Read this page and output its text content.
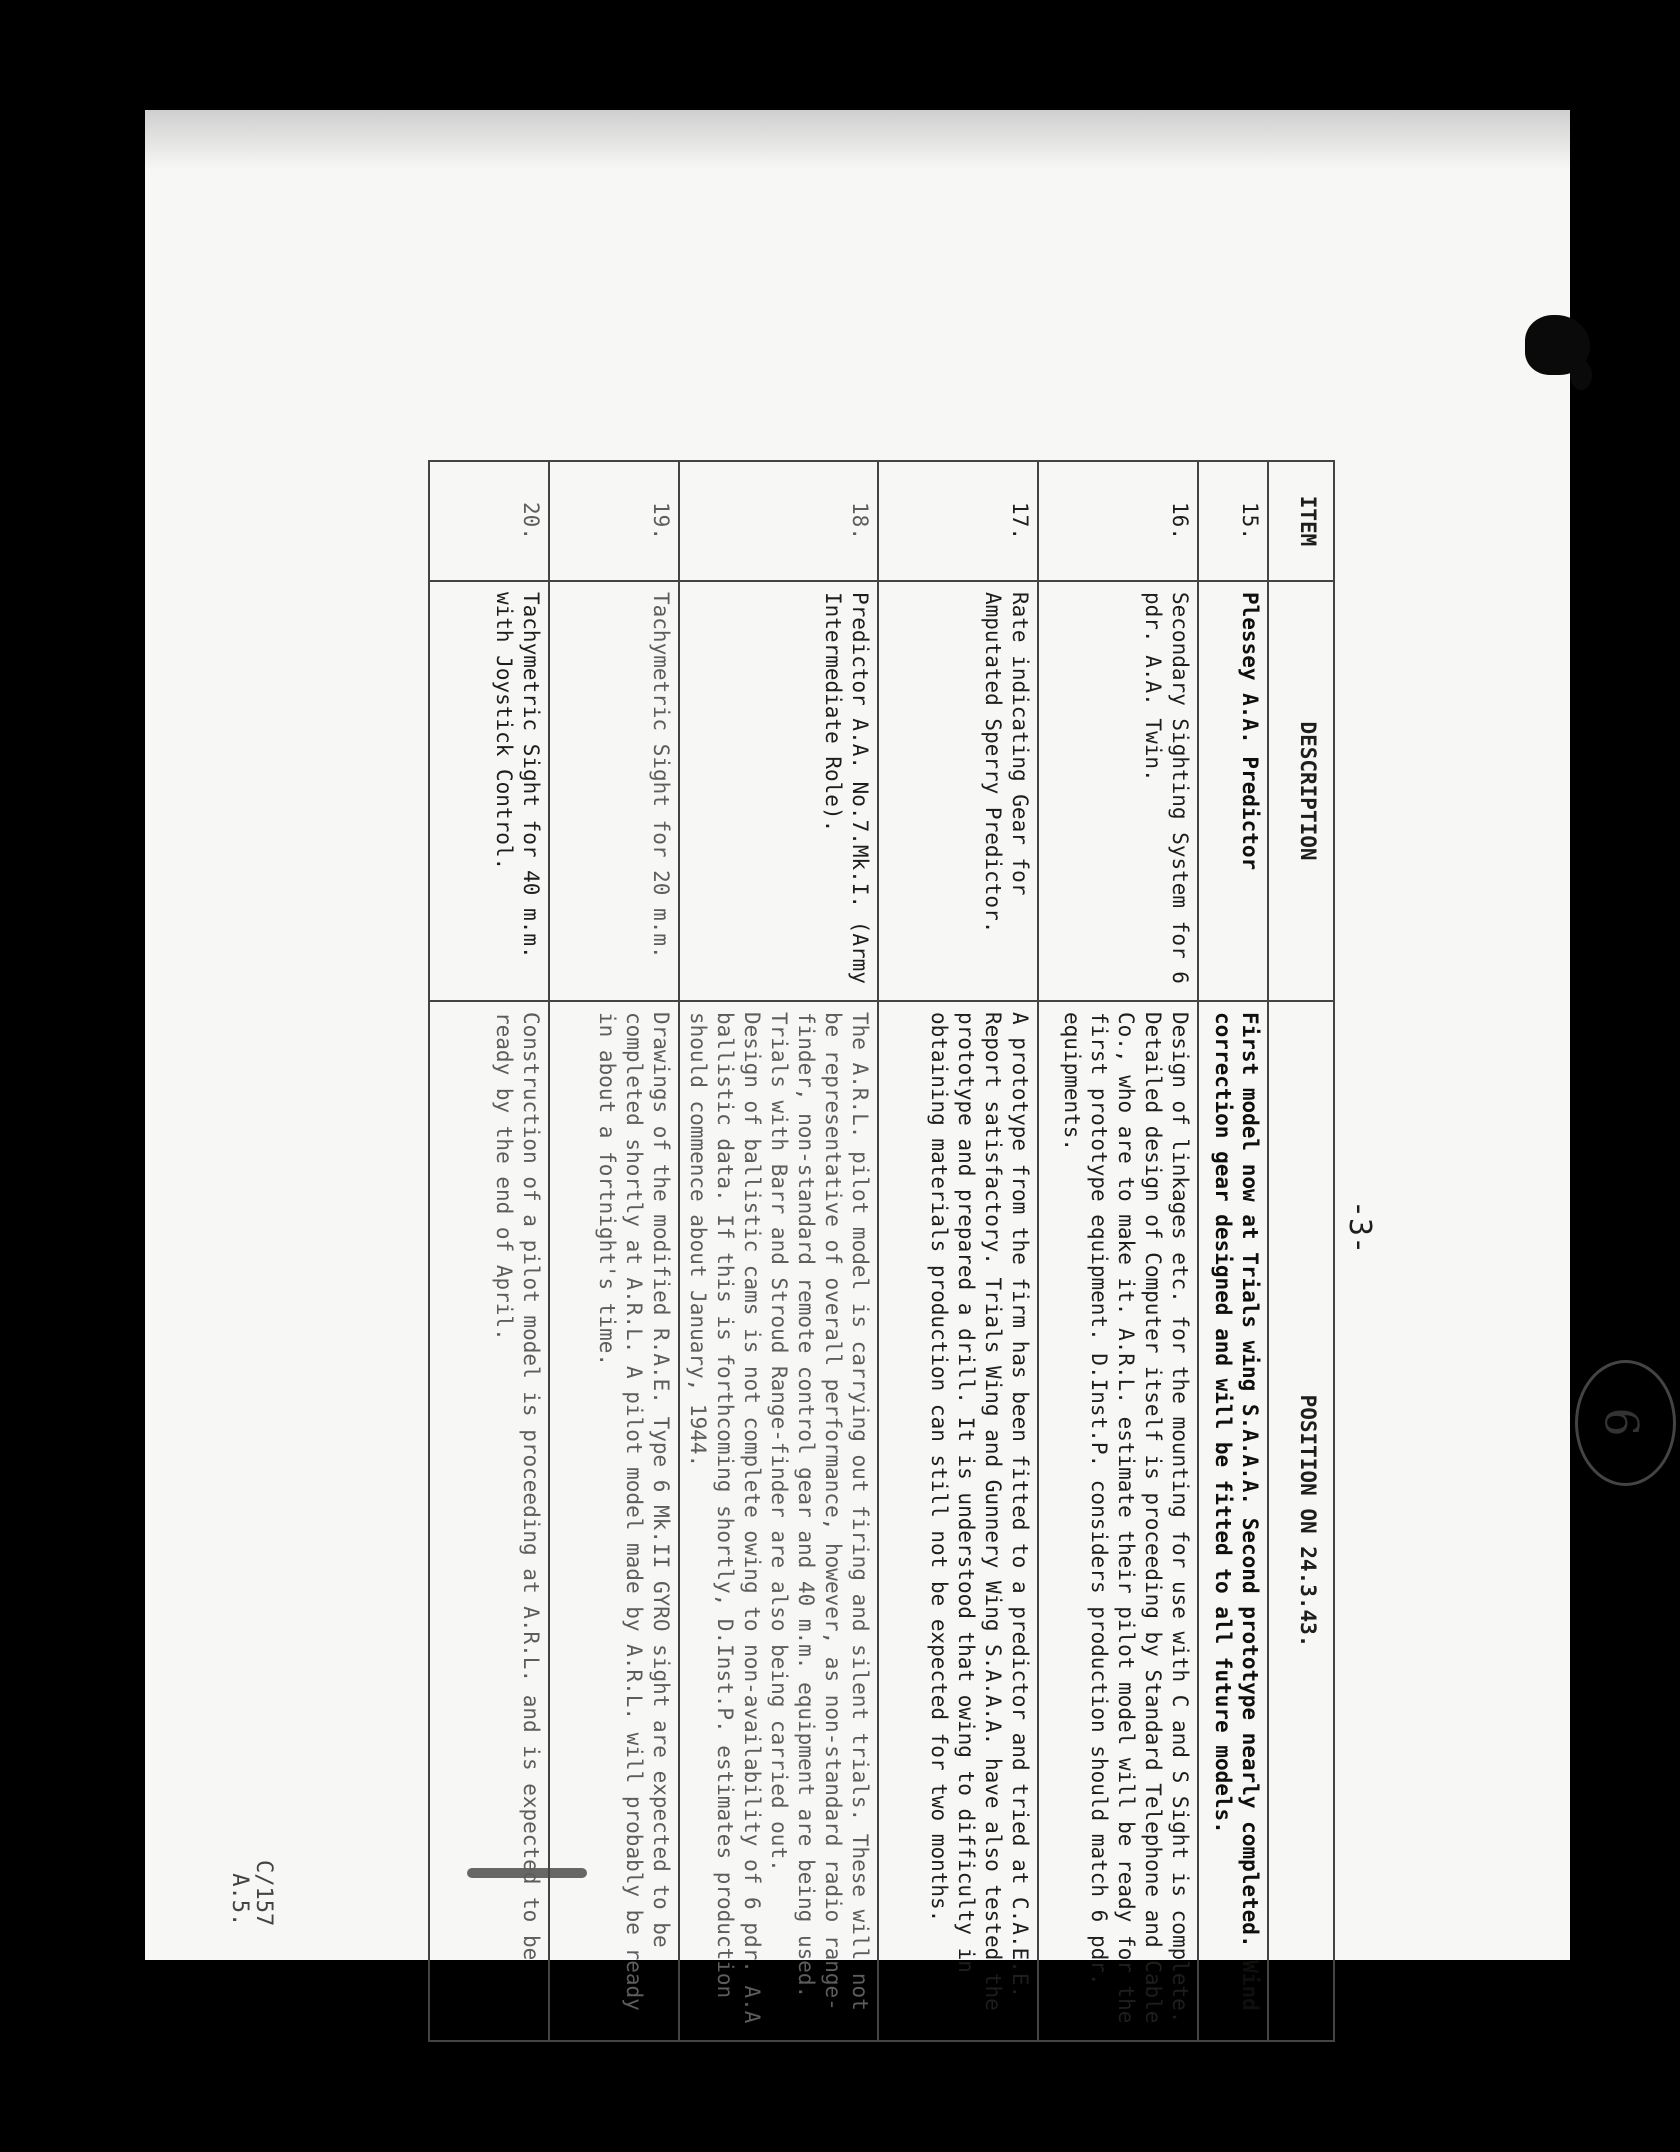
6
-3-
ITEM	DESCRIPTION	POSITION ON 24.3.43.
15.	Plessey A.A. Predictor	First model now at Trials wing S.A.A.A. Second prototype nearly completed. Wind correction gear designed and will be fitted to all future models.
16.	Secondary Sighting System for 6 pdr. A.A. Twin.	Design of linkages etc. for the mounting for use with C and S Sight is complete. Detailed design of Computer itself is proceeding by Standard Telephone and Cable Co., who are to make it. A.R.L. estimate their pilot model will be ready for the first prototype equipment. D.Inst.P. considers production should match 6 pdr. equipments.
17.	Rate indicating Gear for Amputated Sperry Predictor.	A prototype from the firm has been fitted to a predictor and tried at C.A.E.E. Report satisfactory. Trials Wing and Gunnery Wing S.A.A.A. have also tested the prototype and prepared a drill. It is understood that owing to difficulty in obtaining materials production can still not be expected for two months.
18.	Predictor A.A. No.7.Mk.I. (Army Intermediate Role).	The A.R.L. pilot model is carrying out firing and silent trials. These will not be representative of overall performance, however, as non-standard radio range-finder, non-standard remote control gear and 40 m.m. equipment are being used. Trials with Barr and Stroud Range-finder are also being carried out.
Design of ballistic cams is not complete owing to non-availability of 6 pdr. A.A ballistic data. If this is forthcoming shortly, D.Inst.P. estimates production should commence about January, 1944.
19.	Tachymetric Sight for 20 m.m.	Drawings of the modified R.A.E. Type 6 Mk.II GYRO sight are expected to be completed shortly at A.R.L. A pilot model made by A.R.L. will probably be ready in about a fortnight's time.
20.	Tachymetric Sight for 40 m.m. with Joystick Control.	Construction of a pilot model is proceeding at A.R.L. and is expected to be ready by the end of April.
C/157
A.5.
